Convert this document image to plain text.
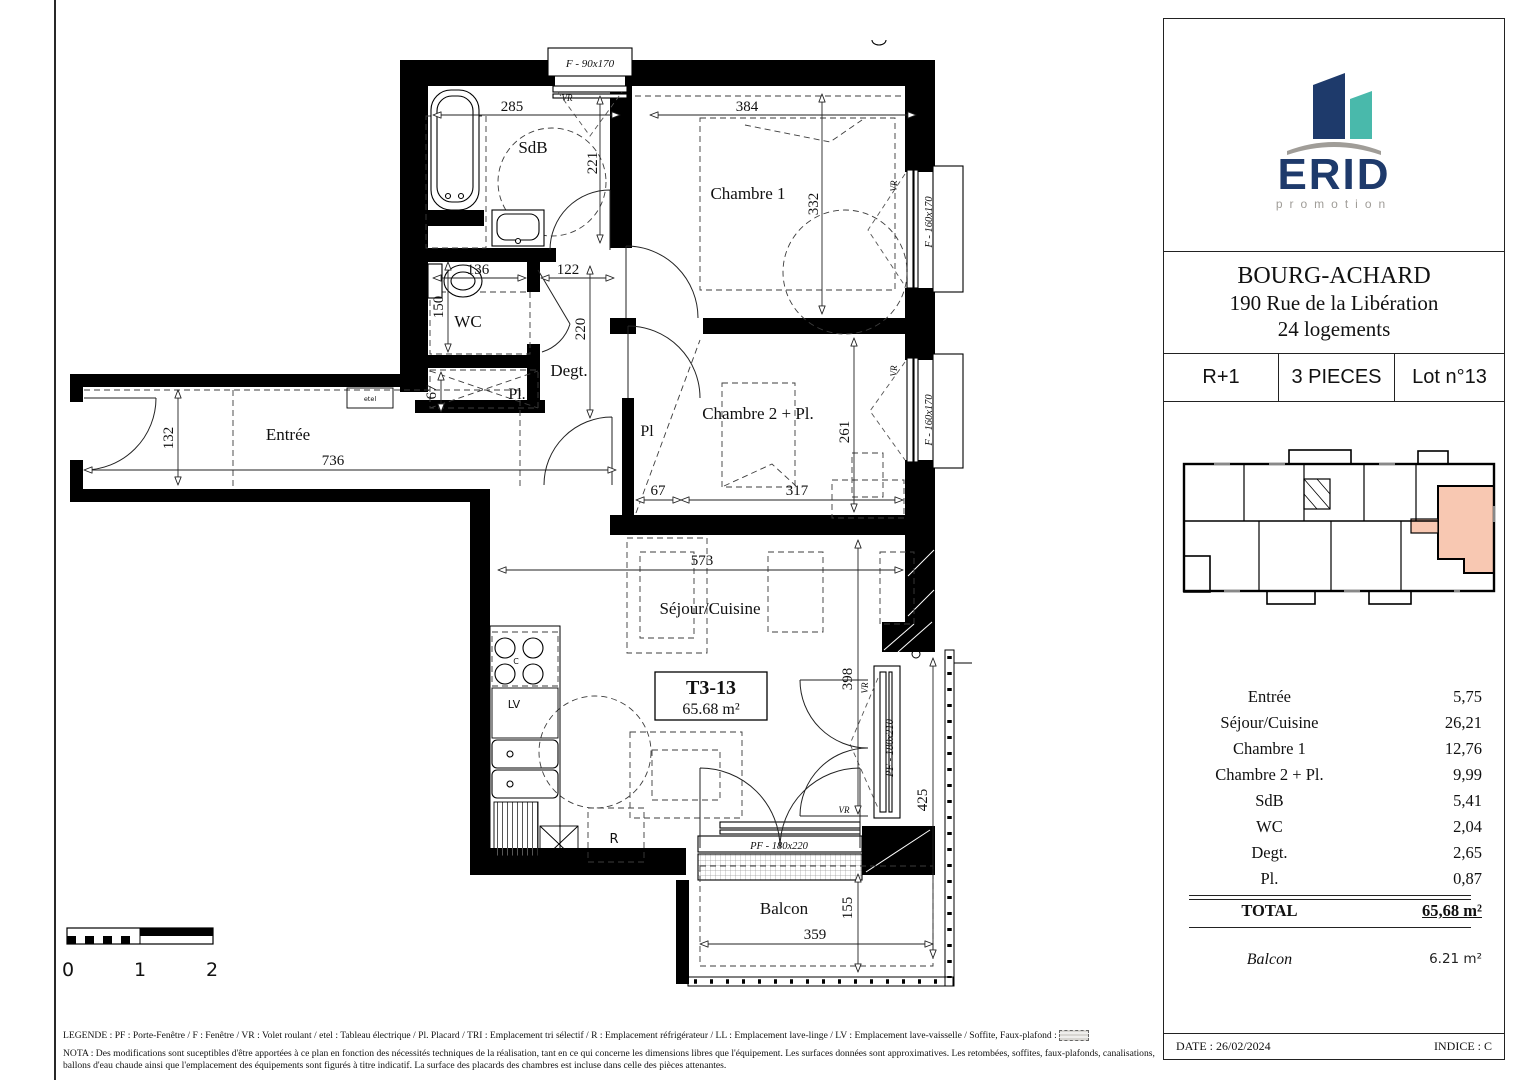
SdB
WC
Degt.
Pl.
Pl
Entrée
Chambre 1
Chambre 2 + Pl.
Séjour/Cuisine
Balcon
T3-13
65.68 m²
285	384
221
332
136	122
150
220
67
132
736
67	317
261
573
398
425
155
359
F - 90x170
VR
VR
F - 160x170
VR
F - 160x170
VR
PF - 180x210
VR
PF - 180x220
LV
R
C
etel
0	1	2
ERID
promotion
BOURG-ACHARD
190 Rue de la Libération
24 logements
R+1	3 PIECES	Lot n°13
Entrée	5,75
Séjour/Cuisine	26,21
Chambre 1	12,76
Chambre 2 + Pl.	9,99
SdB	5,41
WC	2,04
Degt.	2,65
Pl.	0,87
TOTAL	65,68 m²
Balcon	6.21 m²
DATE : 26/02/2024	INDICE : C
LEGENDE : PF : Porte-Fenêtre / F : Fenêtre / VR : Volet roulant / etel : Tableau électrique / Pl. Placard / TRI : Emplacement tri sélectif / R : Emplacement réfrigérateur / LL : Emplacement lave-linge / LV : Emplacement lave-vaisselle / Soffite, Faux-plafond :
NOTA : Des modifications sont suceptibles d'être apportées à ce plan en fonction des nécessités techniques de la réalisation, tant en ce qui concerne les dimensions libres que l'équipement. Les surfaces données sont approximatives. Les retombées, soffites, faux-plafonds, canalisations, ballons d'eau chaude ainsi que l'emplacement des équipements sont figurés à titre indicatif. La surface des placards des chambres est incluse dans celle des pièces attenantes.
